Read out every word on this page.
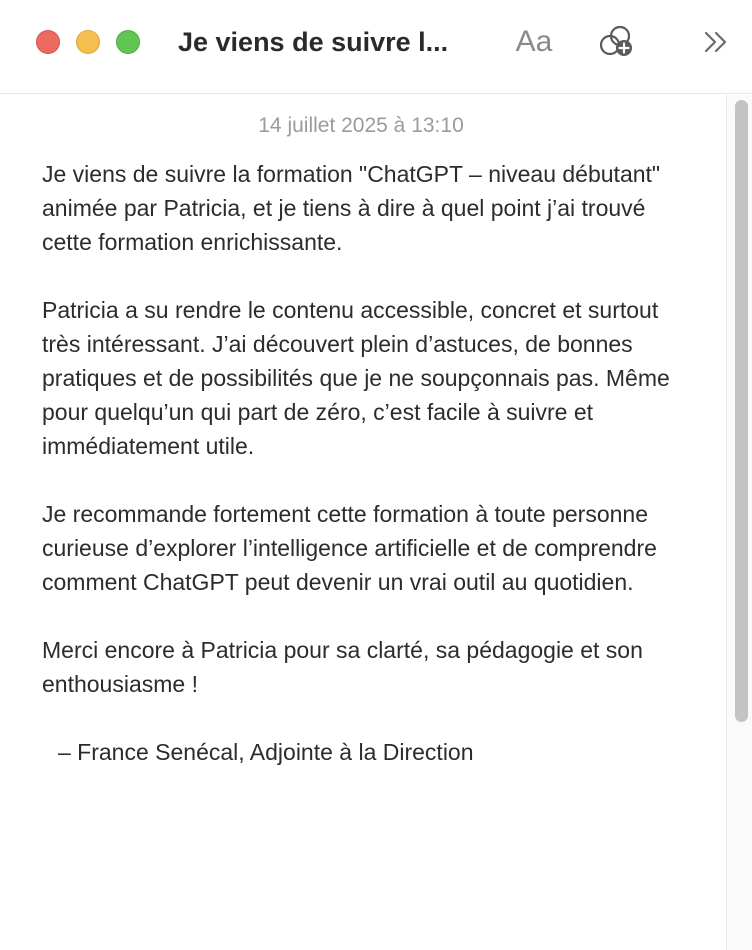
Je viens de suivre l...	Aa
14 juillet 2025 à 13:10

Je viens de suivre la formation "ChatGPT – niveau débutant" animée par Patricia, et je tiens à dire à quel point j’ai trouvé cette formation enrichissante.

Patricia a su rendre le contenu accessible, concret et surtout très intéressant. J’ai découvert plein d’astuces, de bonnes pratiques et de possibilités que je ne soupçonnais pas. Même pour quelqu’un qui part de zéro, c’est facile à suivre et immédiatement utile.

Je recommande fortement cette formation à toute personne curieuse d’explorer l’intelligence artificielle et de comprendre comment ChatGPT peut devenir un vrai outil au quotidien.

Merci encore à Patricia pour sa clarté, sa pédagogie et son enthousiasme !

– France Senécal, Adjointe à la Direction
